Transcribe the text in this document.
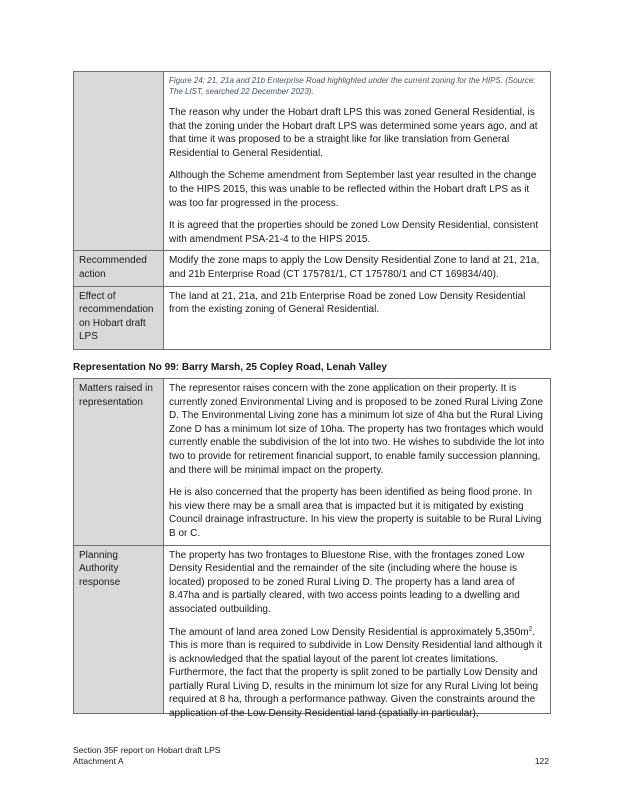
	Figure 24: 21, 21a and 21b Enterprise Road highlighted under the current zoning for the HIPS. (Source: The LIST, searched 22 December 2023).

The reason why under the Hobart draft LPS this was zoned General Residential, is that the zoning under the Hobart draft LPS was determined some years ago, and at that time it was proposed to be a straight like for like translation from General Residential to General Residential.

Although the Scheme amendment from September last year resulted in the change to the HIPS 2015, this was unable to be reflected within the Hobart draft LPS as it was too far progressed in the process.

It is agreed that the properties should be zoned Low Density Residential, consistent with amendment PSA-21-4 to the HIPS 2015.

Recommended action	Modify the zone maps to apply the Low Density Residential Zone to land at 21, 21a, and 21b Enterprise Road (CT 175781/1, CT 175780/1 and CT 169834/40).
Effect of recommendation on Hobart draft LPS	The land at 21, 21a, and 21b Enterprise Road be zoned Low Density Residential from the existing zoning of General Residential.
Representation No 99: Barry Marsh, 25 Copley Road, Lenah Valley
Matters raised in representation	The representor raises concern with the zone application on their property. It is currently zoned Environmental Living and is proposed to be zoned Rural Living Zone D. The Environmental Living zone has a minimum lot size of 4ha but the Rural Living Zone D has a minimum lot size of 10ha. The property has two frontages which would currently enable the subdivision of the lot into two. He wishes to subdivide the lot into two to provide for retirement financial support, to enable family succession planning, and there will be minimal impact on the property.

He is also concerned that the property has been identified as being flood prone. In his view there may be a small area that is impacted but it is mitigated by existing Council drainage infrastructure. In his view the property is suitable to be Rural Living B or C.

Planning Authority response	The property has two frontages to Bluestone Rise, with the frontages zoned Low Density Residential and the remainder of the site (including where the house is located) proposed to be zoned Rural Living D. The property has a land area of 8.47ha and is partially cleared, with two access points leading to a dwelling and associated outbuilding.

The amount of land area zoned Low Density Residential is approximately $5,350m^2$. This is more than is required to subdivide in Low Density Residential land although it is acknowledged that the spatial layout of the parent lot creates limitations. Furthermore, the fact that the property is split zoned to be partially Low Density and partially Rural Living D, results in the minimum lot size for any Rural Living lot being required at 8 ha, through a performance pathway. Given the constraints around the application of the Low Density Residential land (spatially in particular),

Section 35F report on Hobart draft LPS
Attachment A	122
